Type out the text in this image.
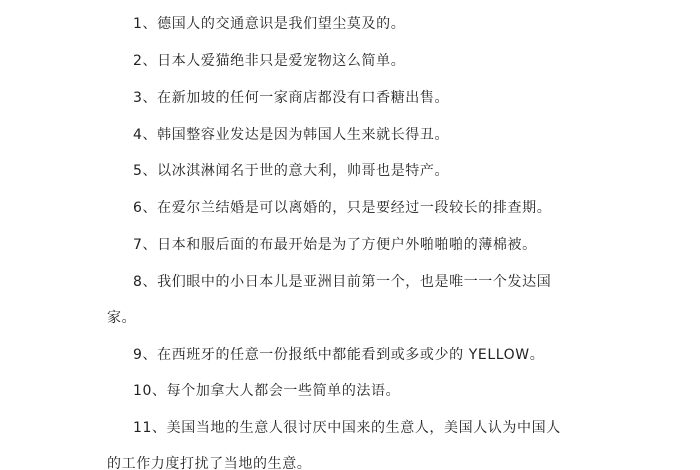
1、德国人的交通意识是我们望尘莫及的。
2、日本人爱猫绝非只是爱宠物这么简单。
3、在新加坡的任何一家商店都没有口香糖出售。
4、韩国整容业发达是因为韩国人生来就长得丑。
5、以冰淇淋闻名于世的意大利，帅哥也是特产。
6、在爱尔兰结婚是可以离婚的，只是要经过一段较长的排查期。
7、日本和服后面的布最开始是为了方便户外啪啪啪的薄棉被。
8、我们眼中的小日本儿是亚洲目前第一个，也是唯一一个发达国
家。
9、在西班牙的任意一份报纸中都能看到或多或少的 YELLOW。
10、每个加拿大人都会一些简单的法语。
11、美国当地的生意人很讨厌中国来的生意人，美国人认为中国人
的工作力度打扰了当地的生意。
